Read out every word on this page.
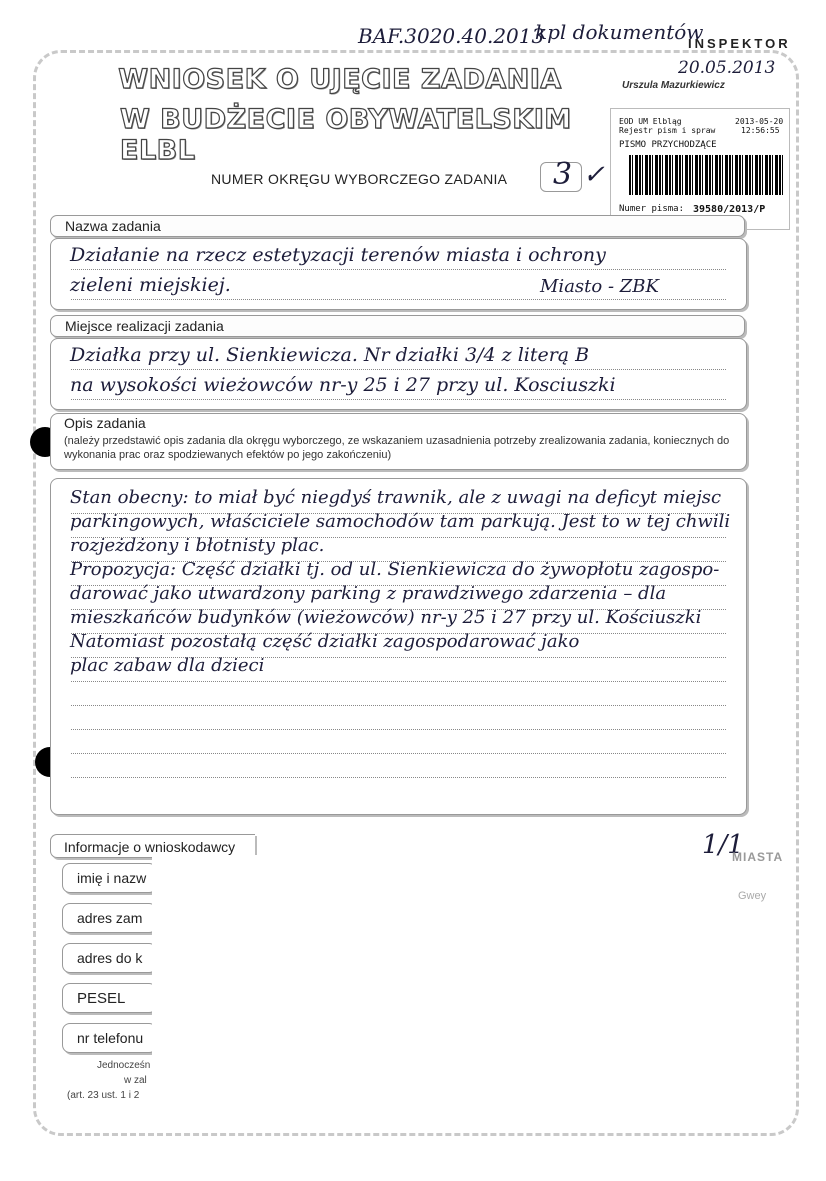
BAF.3020.40.2013
kpl dokumentów
INSPEKTOR
20.05.2013
Urszula Mazurkiewicz
WNIOSEK O UJĘCIE ZADANIA
W BUDŻECIE OBYWATELSKIM ELBL
EOD UM Elbląg
Rejestr pism i spraw
2013-05-20
12:56:55
PISMO PRZYCHODZĄCE
Numer pisma: 39580/2013/P
NUMER OKRĘGU WYBORCZEGO ZADANIA 3 ✓
Nazwa zadania
Działanie na rzecz estetyzacji terenów miasta i ochrony
zieleni miejskiej.	Miasto - ZBK
Miejsce realizacji zadania
Działka przy ul. Sienkiewicza. Nr działki 3/4 z literą B
na wysokości wieżowców nr-y 25 i 27 przy ul. Kosciuszki
Opis zadania
(należy przedstawić opis zadania dla okręgu wyborczego, ze wskazaniem uzasadnienia potrzeby zrealizowania zadania, koniecznych do wykonania prac oraz spodziewanych efektów po jego zakończeniu)
Stan obecny: to miał być niegdyś trawnik, ale z uwagi na deficyt miejsc
parkingowych, właściciele samochodów tam parkują. Jest to w tej chwili
rozjeżdżony i błotnisty plac.
Propozycja: Część działki tj. od ul. Sienkiewicza do żywopłotu zagospo-
darować jako utwardzony parking z prawdziwego zdarzenia – dla
mieszkańców budynków (wieżowców) nr-y 25 i 27 przy ul. Kościuszki
Natomiast pozostałą część działki zagospodarować jako
plac zabaw dla dzieci
Informacje o wnioskodawcy	1/1
MIASTA
Gwey
imię i nazw
adres zam
adres do k
PESEL
nr telefonu
Jednocześn
w zal
(art. 23 ust. 1 i 2
